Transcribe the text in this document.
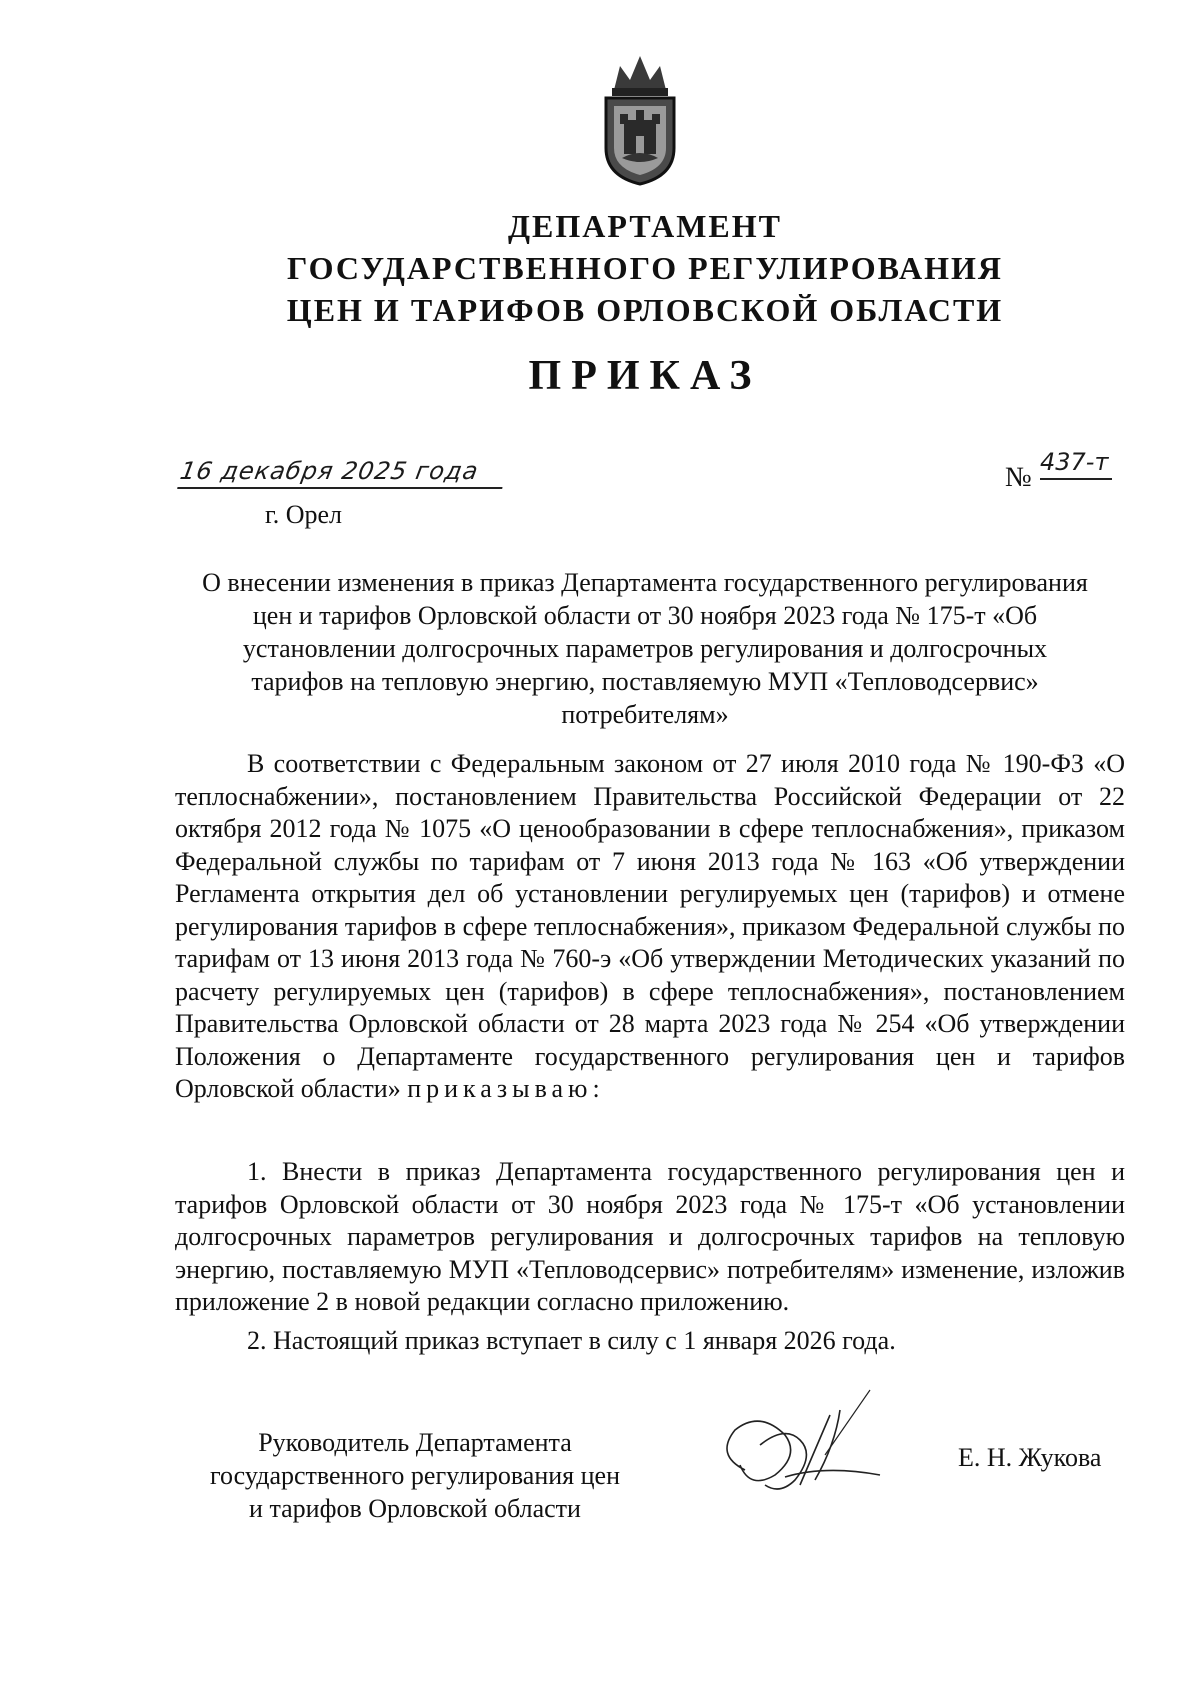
ДЕПАРТАМЕНТ
ГОСУДАРСТВЕННОГО РЕГУЛИРОВАНИЯ
ЦЕН И ТАРИФОВ ОРЛОВСКОЙ ОБЛАСТИ
ПРИКАЗ
16 декабря 2025 года
г. Орел
№ 437-т
О внесении изменения в приказ Департамента государственного регулирования цен и тарифов Орловской области от 30 ноября 2023 года № 175-т «Об установлении долгосрочных параметров регулирования и долгосрочных тарифов на тепловую энергию, поставляемую МУП «Тепловодсервис» потребителям»
В соответствии с Федеральным законом от 27 июля 2010 года № 190-ФЗ «О теплоснабжении», постановлением Правительства Российской Федерации от 22 октября 2012 года № 1075 «О ценообразовании в сфере теплоснабжения», приказом Федеральной службы по тарифам от 7 июня 2013 года № 163 «Об утверждении Регламента открытия дел об установлении регулируемых цен (тарифов) и отмене регулирования тарифов в сфере теплоснабжения», приказом Федеральной службы по тарифам от 13 июня 2013 года № 760-э «Об утверждении Методических указаний по расчету регулируемых цен (тарифов) в сфере теплоснабжения», постановлением Правительства Орловской области от 28 марта 2023 года № 254 «Об утверждении Положения о Департаменте государственного регулирования цен и тарифов Орловской области» приказываю:
1. Внести в приказ Департамента государственного регулирования цен и тарифов Орловской области от 30 ноября 2023 года № 175-т «Об установлении долгосрочных параметров регулирования и долгосрочных тарифов на тепловую энергию, поставляемую МУП «Тепловодсервис» потребителям» изменение, изложив приложение 2 в новой редакции согласно приложению.
2. Настоящий приказ вступает в силу с 1 января 2026 года.
Руководитель Департамента
государственного регулирования цен
и тарифов Орловской области
Е. Н. Жукова
